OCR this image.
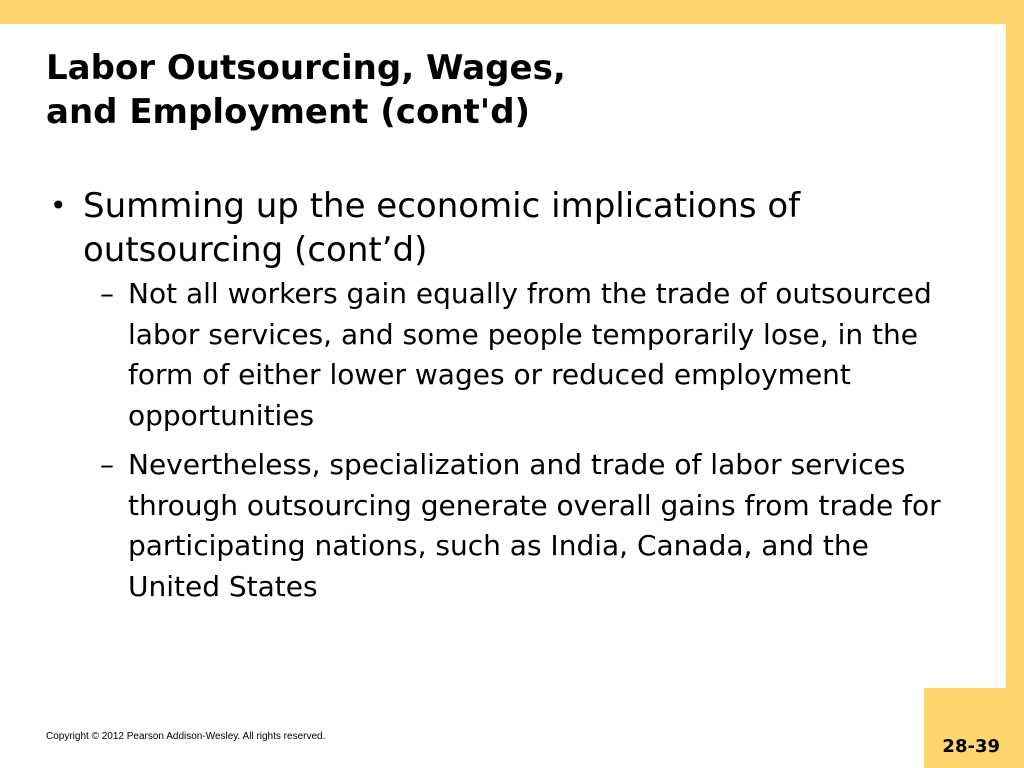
28-39
Labor Outsourcing, Wages,
and Employment (cont'd)
• Summing up the economic implications of outsourcing (cont’d)
– Not all workers gain equally from the trade of outsourced labor services, and some people temporarily lose, in the form of either lower wages or reduced employment opportunities
– Nevertheless, specialization and trade of labor services through outsourcing generate overall gains from trade for participating nations, such as India, Canada, and the United States
Copyright © 2012 Pearson Addison-Wesley. All rights reserved.
